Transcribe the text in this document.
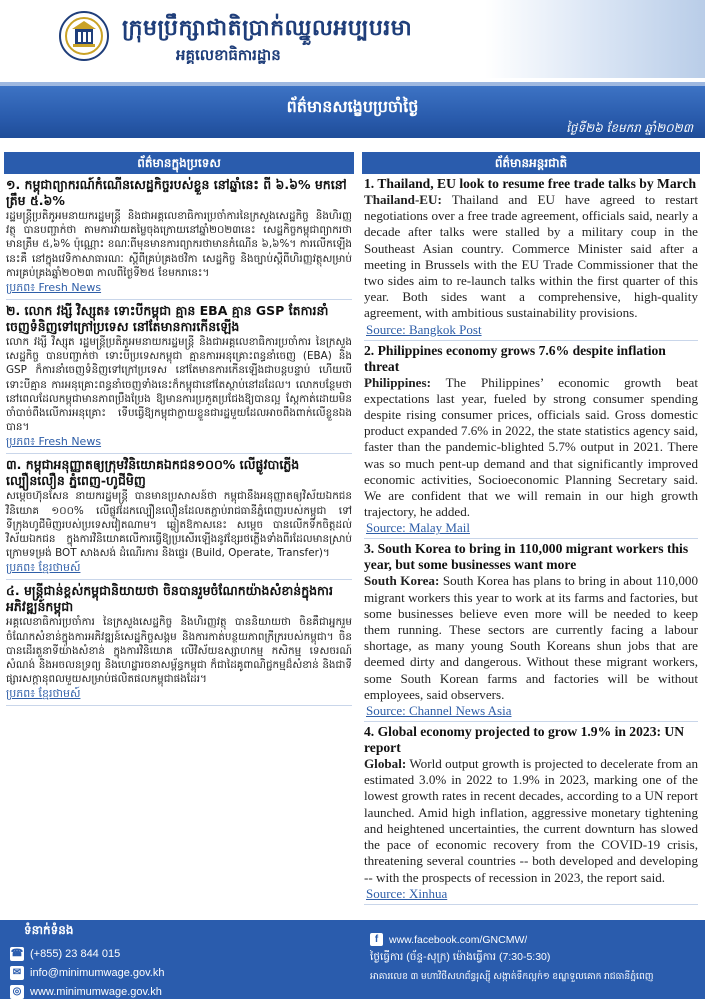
ក្រុមប្រឹក្សាជាតិប្រាក់ឈ្នួលអប្បបរមា
អគ្គលេខាធិការដ្ឋាន
ព័ត៌មានសង្ខេបប្រចាំថ្ងៃ
ថ្ងៃទី២៦ ខែមករា ឆ្នាំ២០២៣
ព័ត៌មានក្នុងប្រទេស
១. កម្ពុជាព្យាករណ៍កំណើនសេដ្ឋកិច្ចរបស់ខ្លួន នៅឆ្នាំនេះ ពី ៦.៦% មកនៅត្រឹម ៥.៦%
រដ្ឋមន្ត្រីប្រតិភូអមនាយករដ្ឋមន្ត្រី និងជាអគ្គលេខាធិការប្រចាំការនៃក្រសួងសេដ្ឋកិច្ច និងហិរញ្ញវត្ថុ បានបញ្ជាក់ថា តាមការវាយតម្លៃចុងក្រោយនៅឆ្នាំ២០២៣នេះ សេដ្ឋកិច្ចកម្ពុជាព្យាករថា មានត្រឹម ៥,៦% ប៉ុណ្ណោះ ខណៈពីមុនមានការព្យាករថាមានកំណើន ៦,៦%។ ការលើកឡើងនេះគឺ នៅក្នុងវេទិកាសាធារណៈ ស្តីពីគ្រប់គ្រងថវិកា សេដ្ឋកិច្ច និងច្បាប់ស្តីពីហិរញ្ញវត្ថុសម្រាប់ការគ្រប់គ្រងឆ្នាំ២០២៣ កាលពីថ្ងៃទី២៥ ខែមករានេះ។
ប្រភព៖ Fresh News
២. លោក វង្សី វិស្សុត៖ ទោះបីកម្ពុជា គ្មាន EBA គ្មាន GSP តែការនាំចេញទំនិញទៅក្រៅប្រទេស នៅតែមានការកើនឡើង
លោក វង្សី វិស្សុត រដ្ឋមន្ត្រីប្រតិភូអមនាយករដ្ឋមន្ត្រី និងជាអគ្គលេខាធិការប្រចាំការ នៃក្រសួងសេដ្ឋកិច្ច បានបញ្ជាក់ថា ទោះបីប្រទេសកម្ពុជា គ្មានការអនុគ្រោះពន្ធនាំចេញ (EBA) និង GSP ក៏ការនាំចេញទំនិញទៅក្រៅប្រទេស នៅតែមានការកើនឡើងជាបន្តបន្ទាប់ ហើយបើទោះបីគ្មាន ការអនុគ្រោះពន្ធនាំចេញទាំងនេះក៏កម្ពុជានៅតែស្ថាប់នៅដដែល។ លោកបន្ថែមថា នៅពេលដែលកម្ពុជាមានភាពប្រឹងប្រែង ឱ្យមានការប្រកួតប្រជែងឱ្យបានល្អ ស្តែកាត់ដោយមិនចាំបាច់ពឹងលើការអនុគ្រោះ ទើបធ្វើឱ្យកម្ពុជាក្លាយខ្លួនជារដ្ឋមួយដែលអាចពឹងពាក់លើខ្លួនឯងបាន។
ប្រភព៖ Fresh News
៣. កម្ពុជាអនុញ្ញាតឲ្យក្រុមវិនិយោគឯកជន១០០% លើផ្លូវបាភ្លើងល្បឿនលឿន ភ្នំពេញ-ហូជីមិញ
សម្តេចហ៊ុនសែន នាយករដ្ឋមន្ត្រី បានមានប្រសាសន៍ថា កម្ពុជានឹងអនុញ្ញាតឲ្យវិស័យឯកជនវិនិយោគ ១០០% លើផ្លូវដែកល្បឿនលឿនដែលតភ្ជាប់រាជធានីភ្នំពេញរបស់កម្ពុជា ទៅទីក្រុងហូជីមិញរបស់ប្រទេសវៀតណាម។ ឆ្លៀតឱកាសនេះ សម្តេច បានលើកទឹកចិត្តដល់វិស័យឯកជន ក្នុងការវិនិយោគលើការធ្វើឱ្យប្រសើរឡើងនូវខ្សែរថភ្លើងទាំងពីរដែលមានស្រាប់ ក្រោមទម្រង់ BOT សាងសង់ ដំណើរការ និងផ្ទេរ (Build, Operate, Transfer)។
ប្រភព៖ ខ្មែរថាមស៍
៤. មន្ត្រីជាន់ខ្ពស់កម្ពុជានិយាយថា ចិនបានរួមចំណែកយ៉ាងសំខាន់ក្នុងការអភិវឌ្ឍន៍កម្ពុជា
អគ្គលេខាធិការប្រចាំការ នៃក្រសួងសេដ្ឋកិច្ច និងហិរញ្ញវត្ថុ បាននិយាយថា ចិនគឺជាអ្នករួមចំណែកសំខាន់ក្នុងការអភិវឌ្ឍន៍សេដ្ឋកិច្ចសង្គម និងការកាត់បន្ថយភាពក្រីក្ររបស់កម្ពុជា។ ចិនបានដើរតួនាទីយ៉ាងសំខាន់ ក្នុងការវិនិយោគ លើវិស័យឧស្សាហកម្ម កសិកម្ម ទេសចរណ៍ សំណង់ និងអចលនទ្រព្យ និងហេដ្ឋារចនាសម្ព័ន្ធកម្ពុជា ក៏ជាដៃគូពាណិជ្ជកម្មដ៏សំខាន់ និងជាទីផ្សារសក្តានុពលមួយសម្រាប់ផលិតផលកម្ពុជាផងដែរ។
ប្រភព៖ ខ្មែរថាមស៍
ព័ត៌មានអន្តរជាតិ
1. Thailand, EU look to resume free trade talks by March
Thailand-EU: Thailand and EU have agreed to restart negotiations over a free trade agreement, officials said, nearly a decade after talks were stalled by a military coup in the Southeast Asian country. Commerce Minister said after a meeting in Brussels with the EU Trade Commissioner that the two sides aim to re-launch talks within the first quarter of this year. Both sides want a comprehensive, high-quality agreement, with ambitious sustainability provisions.
Source: Bangkok Post
2. Philippines economy grows 7.6% despite inflation threat
Philippines: The Philippines’ economic growth beat expectations last year, fueled by strong consumer spending despite rising consumer prices, officials said. Gross domestic product expanded 7.6% in 2022, the state statistics agency said, faster than the pandemic-blighted 5.7% output in 2021. There was so much pent-up demand and that significantly improved economic activities, Socioeconomic Planning Secretary said. We are confident that we will remain in our high growth trajectory, he added.
Source: Malay Mail
3. South Korea to bring in 110,000 migrant workers this year, but some businesses want more
South Korea: South Korea has plans to bring in about 110,000 migrant workers this year to work at its farms and factories, but some businesses believe even more will be needed to keep them running. These sectors are currently facing a labour shortage, as many young South Koreans shun jobs that are deemed dirty and dangerous. Without these migrant workers, some South Korean farms and factories will be without employees, said observers.
Source: Channel News Asia
4. Global economy projected to grow 1.9% in 2023: UN report
Global: World output growth is projected to decelerate from an estimated 3.0% in 2022 to 1.9% in 2023, marking one of the lowest growth rates in recent decades, according to a UN report launched. Amid high inflation, aggressive monetary tightening and heightened uncertainties, the current downturn has slowed the pace of economic recovery from the COVID-19 crisis, threatening several countries -- both developed and developing -- with the prospects of recession in 2023, the report said.
Source: Xinhua
ទំនាក់ទំនង
☎ (+855) 23 844 015
✉ info@minimumwage.gov.kh
◎ www.minimumwage.gov.kh
f	www.facebook.com/GNCMW/
ថ្ងៃធ្វើការ (ច័ន្ទ-សុក្រ) ម៉ោងធ្វើការ (7:30-5:30)
អាគារលេខ ៣ មហាវិថីសហព័ន្ធរុស្ស៊ី សង្កាត់ទឹកល្អក់១ ខណ្ឌទួលគោក រាជធានីភ្នំពេញ
